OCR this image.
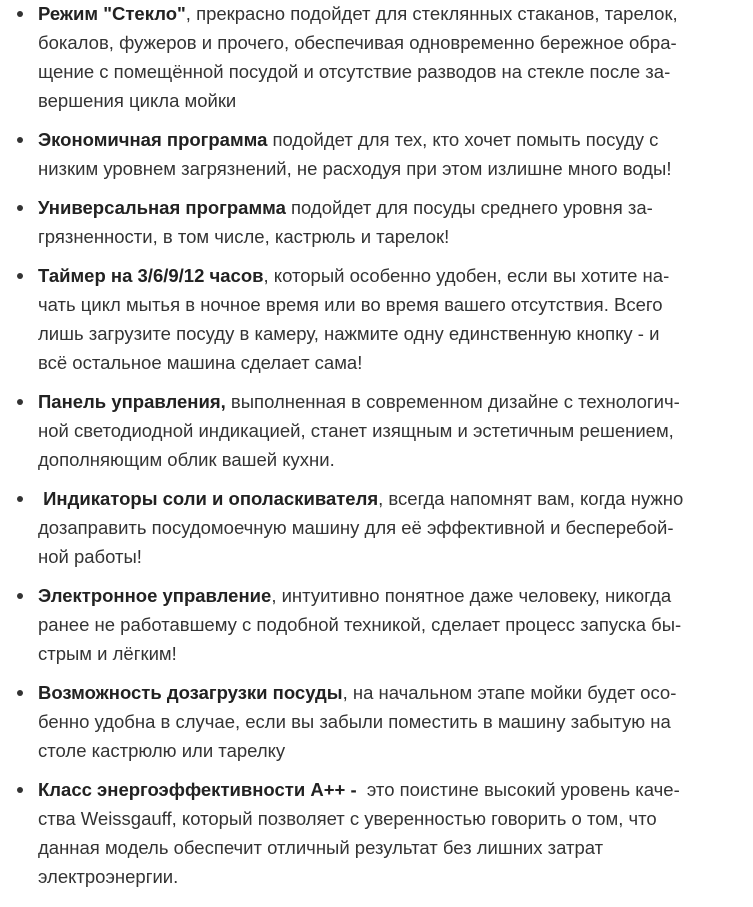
Режим "Стекло", прекрасно подойдет для стеклянных стаканов, тарелок,
бокалов, фужеров и прочего, обеспечивая одновременно бережное обра-
щение с помещённой посудой и отсутствие разводов на стекле после за-
вершения цикла мойки
Экономичная программа подойдет для тех, кто хочет помыть посуду с
низким уровнем загрязнений, не расходуя при этом излишне много воды!
Универсальная программа подойдет для посуды среднего уровня за-
грязненности, в том числе, кастрюль и тарелок!
Таймер на 3/6/9/12 часов, который особенно удобен, если вы хотите на-
чать цикл мытья в ночное время или во время вашего отсутствия. Всего
лишь загрузите посуду в камеру, нажмите одну единственную кнопку - и
всё остальное машина сделает сама!
Панель управления, выполненная в современном дизайне с технологич-
ной светодиодной индикацией, станет изящным и эстетичным решением,
дополняющим облик вашей кухни.
Индикаторы соли и ополаскивателя, всегда напомнят вам, когда нужно
дозаправить посудомоечную машину для её эффективной и бесперебой-
ной работы!
Электронное управление, интуитивно понятное даже человеку, никогда
ранее не работавшему с подобной техникой, сделает процесс запуска бы-
стрым и лёгким!
Возможность дозагрузки посуды, на начальном этапе мойки будет осо-
бенно удобна в случае, если вы забыли поместить в машину забытую на
столе кастрюлю или тарелку
Класс энергоэффективности А++ -  это поистине высокий уровень каче-
ства Weissgauff, который позволяет с уверенностью говорить о том, что
данная модель обеспечит отличный результат без лишних затрат
электроэнергии.
